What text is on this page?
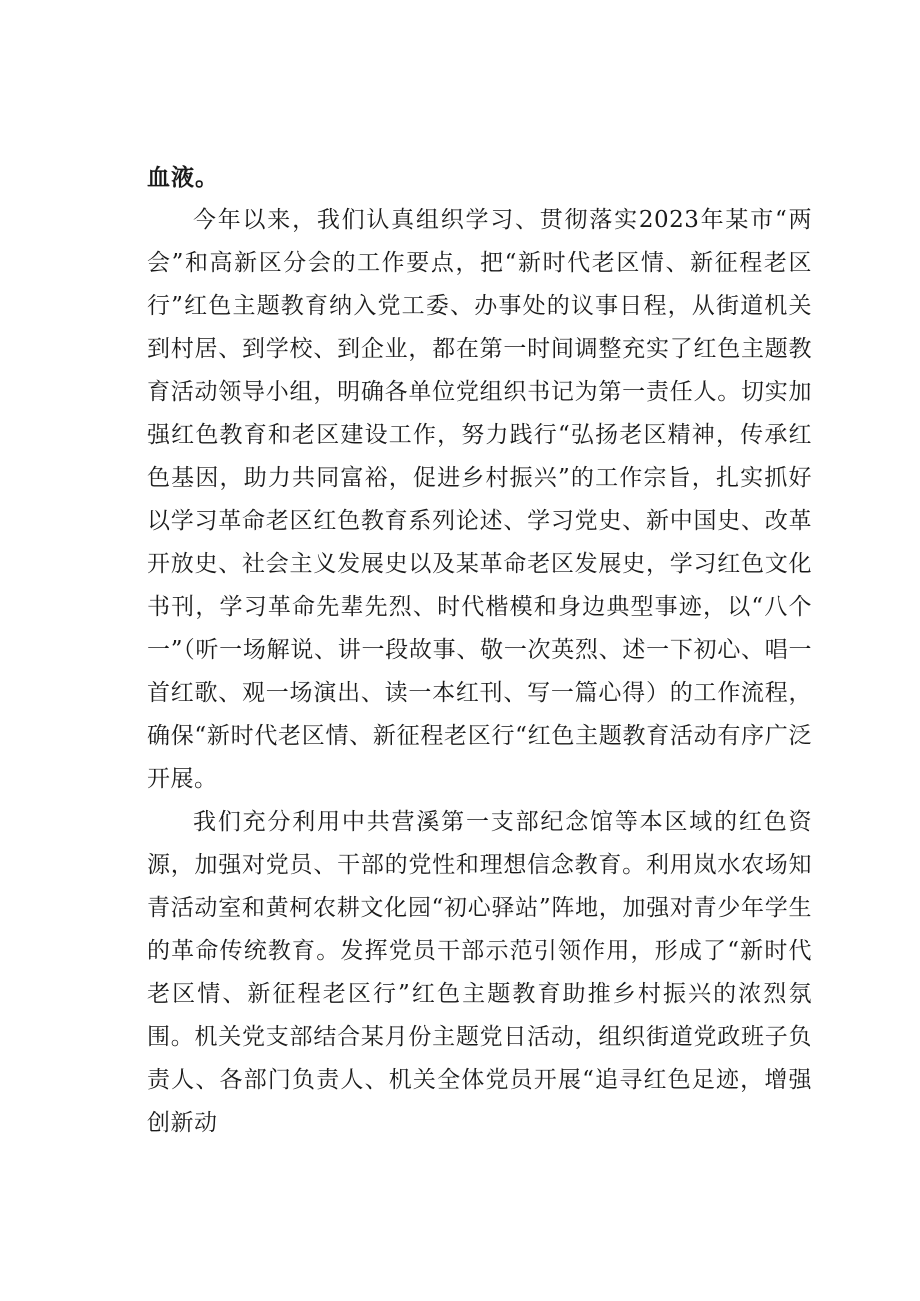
血液。

今年以来，我们认真组织学习、贯彻落实2023年某市“两会”和高新区分会的工作要点，把“新时代老区情、新征程老区行”红色主题教育纳入党工委、办事处的议事日程，从街道机关到村居、到学校、到企业，都在第一时间调整充实了红色主题教育活动领导小组，明确各单位党组织书记为第一责任人。切实加强红色教育和老区建设工作，努力践行“弘扬老区精神，传承红色基因，助力共同富裕，促进乡村振兴”的工作宗旨，扎实抓好以学习革命老区红色教育系列论述、学习党史、新中国史、改革开放史、社会主义发展史以及某革命老区发展史，学习红色文化书刊，学习革命先辈先烈、时代楷模和身边典型事迹，以“八个一”（听一场解说、讲一段故事、敬一次英烈、述一下初心、唱一首红歌、观一场演出、读一本红刊、写一篇心得）的工作流程，确保“新时代老区情、新征程老区行“红色主题教育活动有序广泛开展。

我们充分利用中共营溪第一支部纪念馆等本区域的红色资源，加强对党员、干部的党性和理想信念教育。利用岚水农场知青活动室和黄柯农耕文化园“初心驿站”阵地，加强对青少年学生的革命传统教育。发挥党员干部示范引领作用，形成了“新时代老区情、新征程老区行”红色主题教育助推乡村振兴的浓烈氛围。机关党支部结合某月份主题党日活动，组织街道党政班子负责人、各部门负责人、机关全体党员开展“追寻红色足迹，增强创新动
